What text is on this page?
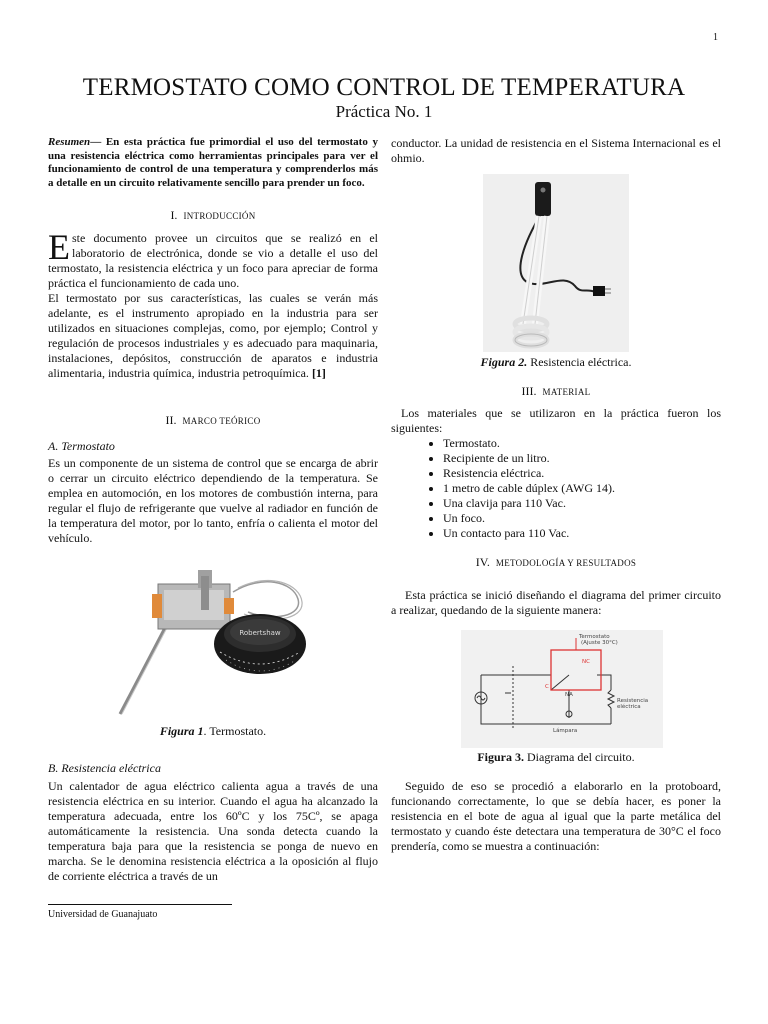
1
TERMOSTATO COMO CONTROL DE TEMPERATURA
Práctica No. 1

Resumen— En esta práctica fue primordial el uso del termostato y una resistencia eléctrica como herramientas principales para ver el funcionamiento de control de una temperatura y comprenderlos más a detalle en un circuito relativamente sencillo para prender un foco.

I. INTRODUCCIÓN

Este documento provee un circuitos que se realizó en el laboratorio de electrónica, donde se vio a detalle el uso del termostato, la resistencia eléctrica y un foco para apreciar de forma práctica el funcionamiento de cada uno.

El termostato por sus características, las cuales se verán más adelante, es el instrumento apropiado en la industria para ser utilizados en situaciones complejas, como, por ejemplo; Control y regulación de procesos industriales y es adecuado para maquinaria, instalaciones, depósitos, construcción de aparatos e industria alimentaria, industria química, industria petroquímica. [1]

II. MARCO TEÓRICO

A. Termostato

Es un componente de un sistema de control que se encarga de abrir o cerrar un circuito eléctrico dependiendo de la temperatura. Se emplea en automoción, en los motores de combustión interna, para regular el flujo de refrigerante que vuelve al radiador en función de la temperatura del motor, por lo tanto, enfría o calienta el motor del vehículo.

Robertshaw
Figura 1. Termostato.

B. Resistencia eléctrica

Un calentador de agua eléctrico calienta agua a través de una resistencia eléctrica en su interior. Cuando el agua ha alcanzado la temperatura adecuada, entre los 60ºC y los 75Cº, se apaga automáticamente la resistencia. Una sonda detecta cuando la temperatura baja para que la resistencia se ponga de nuevo en marcha. Se le denomina resistencia eléctrica a la oposición al flujo de corriente eléctrica a través de un

conductor. La unidad de resistencia en el Sistema Internacional es el ohmio.

Figura 2. Resistencia eléctrica.
III. MATERIAL

Los materiales que se utilizaron en la práctica fueron los siguientes:

Termostato.
Recipiente de un litro.
Resistencia eléctrica.
1 metro de cable dúplex (AWG 14).
Una clavija para 110 Vac.
Un foco.
Un contacto para 110 Vac.
IV. METODOLOGÍA Y RESULTADOS

Esta práctica se inició diseñando el diagrama del primer circuito a realizar, quedando de la siguiente manera:

Termostato
(Ajuste 30°C)
NC
C
NA
Resistencia
eléctrica
Lámpara
Figura 3. Diagrama del circuito.

Seguido de eso se procedió a elaborarlo en la protoboard, funcionando correctamente, lo que se debía hacer, es poner la resistencia en el bote de agua al igual que la parte metálica del termostato y cuando éste detectara una temperatura de 30°C el foco prendería, como se muestra a continuación:

Universidad de Guanajuato
